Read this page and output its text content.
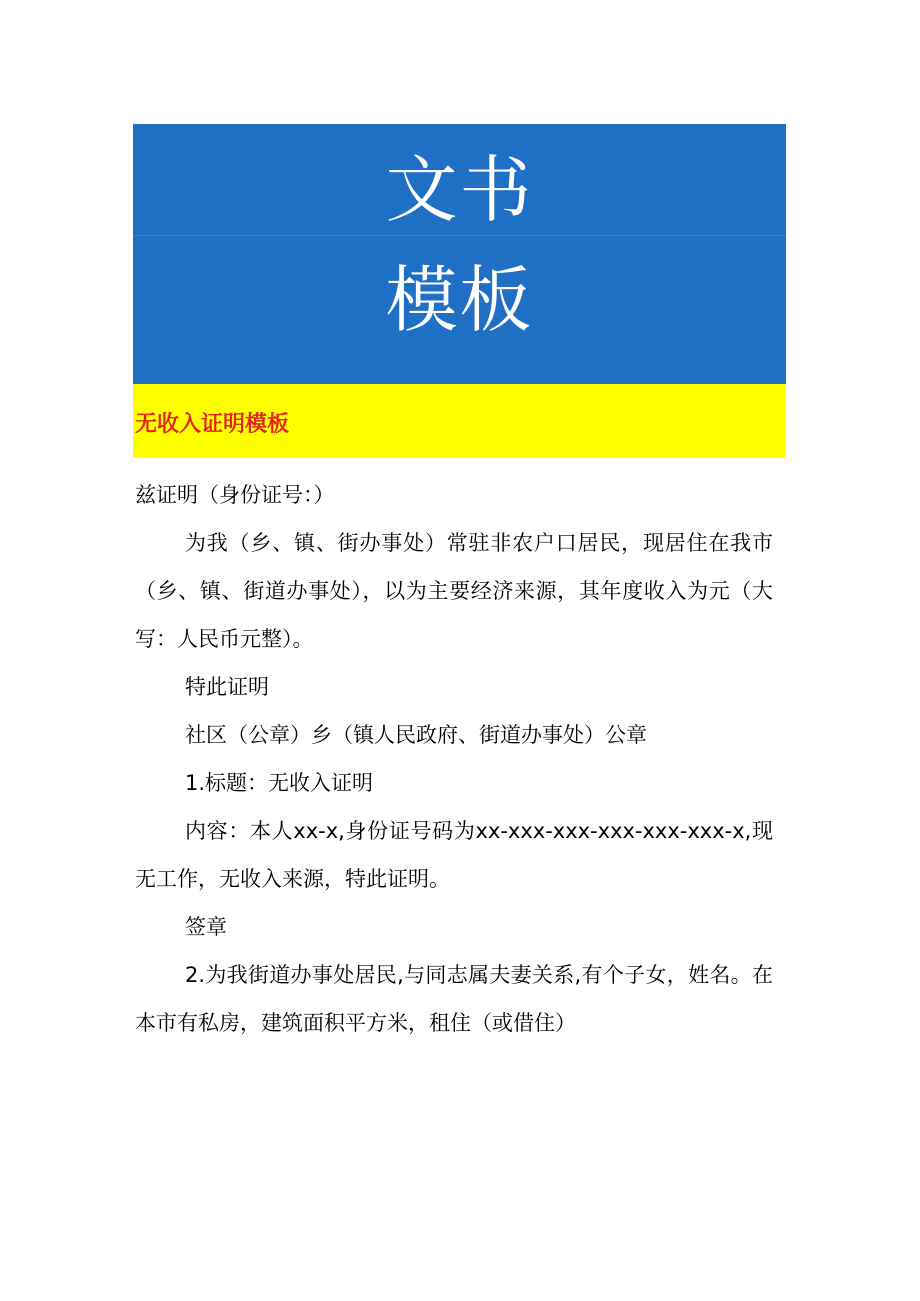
文书
模板
无收入证明模板

兹证明（身份证号：）

为我（乡、镇、街办事处）常驻非农户口居民，现居住在我市（乡、镇、街道办事处），以为主要经济来源，其年度收入为元（大写：人民币元整）。

特此证明

社区（公章）乡（镇人民政府、街道办事处）公章

1.标题：无收入证明

内容：本人xx-x,身份证号码为xx-xxx-xxx-xxx-xxx-xxx-x,现无工作，无收入来源，特此证明。

签章

2.为我街道办事处居民,与同志属夫妻关系,有个子女，姓名。在本市有私房，建筑面积平方米，租住（或借住）
